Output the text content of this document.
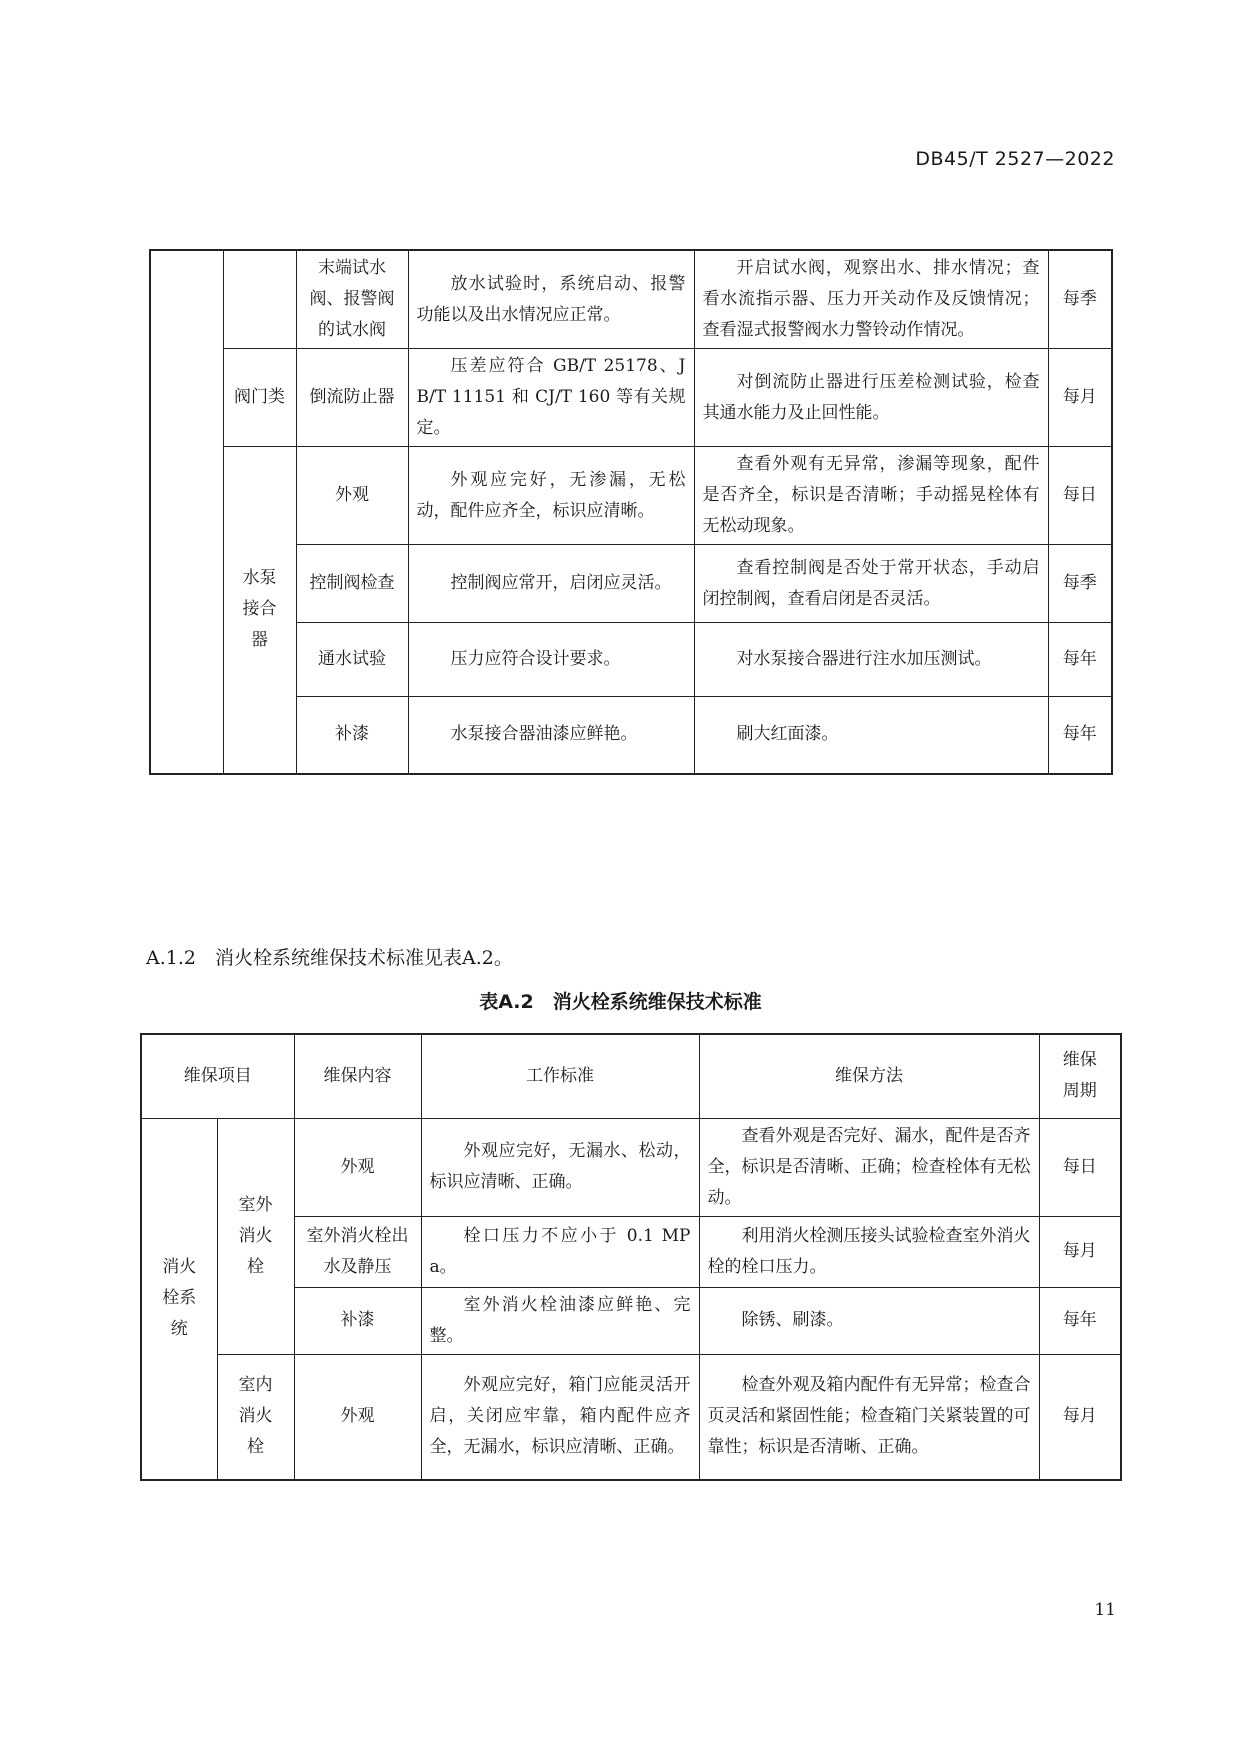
DB45/T 2527—2022
		末端试水阀、报警阀的试水阀	放水试验时，系统启动、报警功能以及出水情况应正常。	开启试水阀，观察出水、排水情况；查看水流指示器、压力开关动作及反馈情况；查看湿式报警阀水力警铃动作情况。	每季
	阀门类	倒流防止器	压差应符合 GB/T 25178、JB/T 11151 和 CJ/T 160 等有关规定。	对倒流防止器进行压差检测试验，检查其通水能力及止回性能。	每月
	水泵接合器	外观	外观应完好，无渗漏，无松动，配件应齐全，标识应清晰。	查看外观有无异常，渗漏等现象，配件是否齐全，标识是否清晰；手动摇晃栓体有无松动现象。	每日
		控制阀检查	控制阀应常开，启闭应灵活。	查看控制阀是否处于常开状态，手动启闭控制阀，查看启闭是否灵活。	每季
		通水试验	压力应符合设计要求。	对水泵接合器进行注水加压测试。	每年
		补漆	水泵接合器油漆应鲜艳。	刷大红面漆。	每年
A.1.2　消火栓系统维保技术标准见表A.2。
表A.2　消火栓系统维保技术标准
维保项目		维保内容	工作标准	维保方法	维保周期
消火栓系统	室外消火栓	外观	外观应完好，无漏水、松动，标识应清晰、正确。	查看外观是否完好、漏水，配件是否齐全，标识是否清晰、正确；检查栓体有无松动。	每日
		室外消火栓出水及静压	栓口压力不应小于 0.1 MPa。	利用消火栓测压接头试验检查室外消火栓的栓口压力。	每月
		补漆	室外消火栓油漆应鲜艳、完整。	除锈、刷漆。	每年
	室内消火栓	外观	外观应完好，箱门应能灵活开启，关闭应牢靠，箱内配件应齐全，无漏水，标识应清晰、正确。	检查外观及箱内配件有无异常；检查合页灵活和紧固性能；检查箱门关紧装置的可靠性；标识是否清晰、正确。	每月
11
